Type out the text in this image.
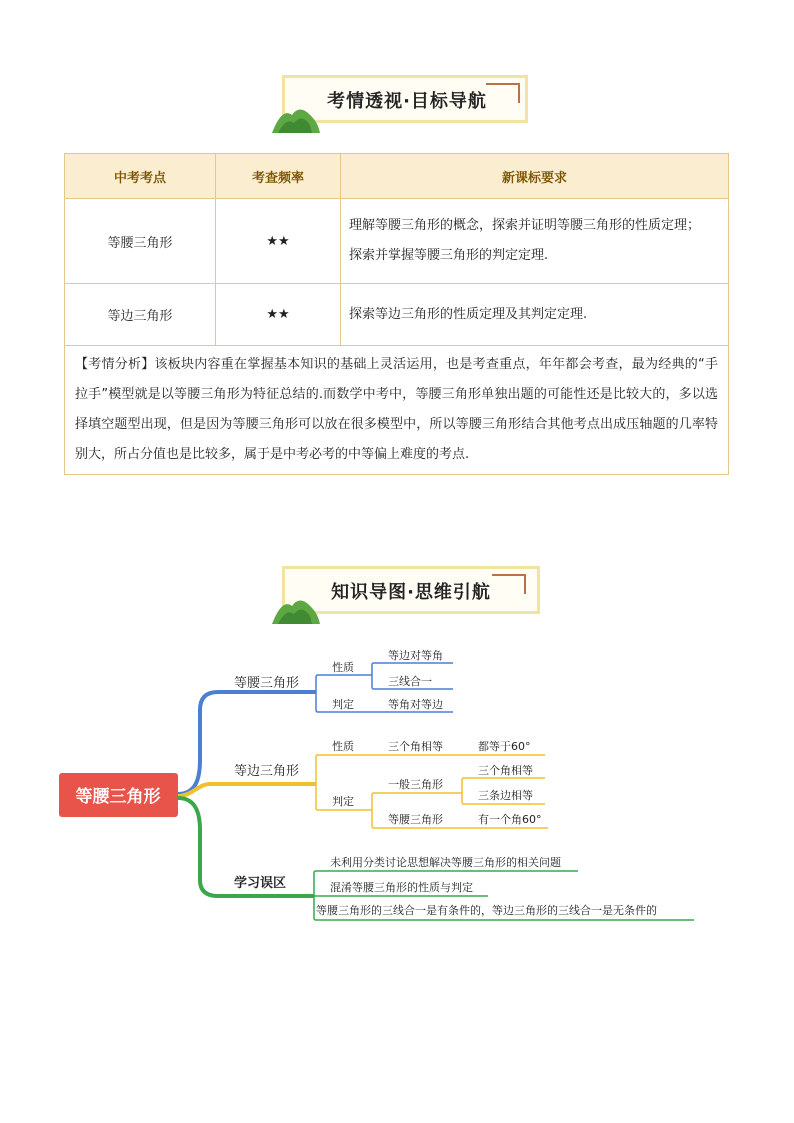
考情透视·目标导航
中考考点	考查频率	新课标要求
等腰三角形	★★	理解等腰三角形的概念，探索并证明等腰三角形的性质定理；
探索并掌握等腰三角形的判定定理.

等边三角形	★★	探索等边三角形的性质定理及其判定定理.

【考情分析】该板块内容重在掌握基本知识的基础上灵活运用，也是考查重点，年年都会考查，最为经典的“手拉手”模型就是以等腰三角形为特征总结的.而数学中考中，等腰三角形单独出题的可能性还是比较大的，多以选择填空题型出现，但是因为等腰三角形可以放在很多模型中，所以等腰三角形结合其他考点出成压轴题的几率特别大，所占分值也是比较多，属于是中考必考的中等偏上难度的考点.		
知识导图·思维引航
等腰三角形
等腰三角形
性质
判定
等边对等角
三线合一
等角对等边
等边三角形
性质
判定
三个角相等	都等于60°
一般三角形
等腰三角形
三个角相等
三条边相等
有一个角60°
学习误区
未利用分类讨论思想解决等腰三角形的相关问题
混淆等腰三角形的性质与判定
等腰三角形的三线合一是有条件的，等边三角形的三线合一是无条件的
